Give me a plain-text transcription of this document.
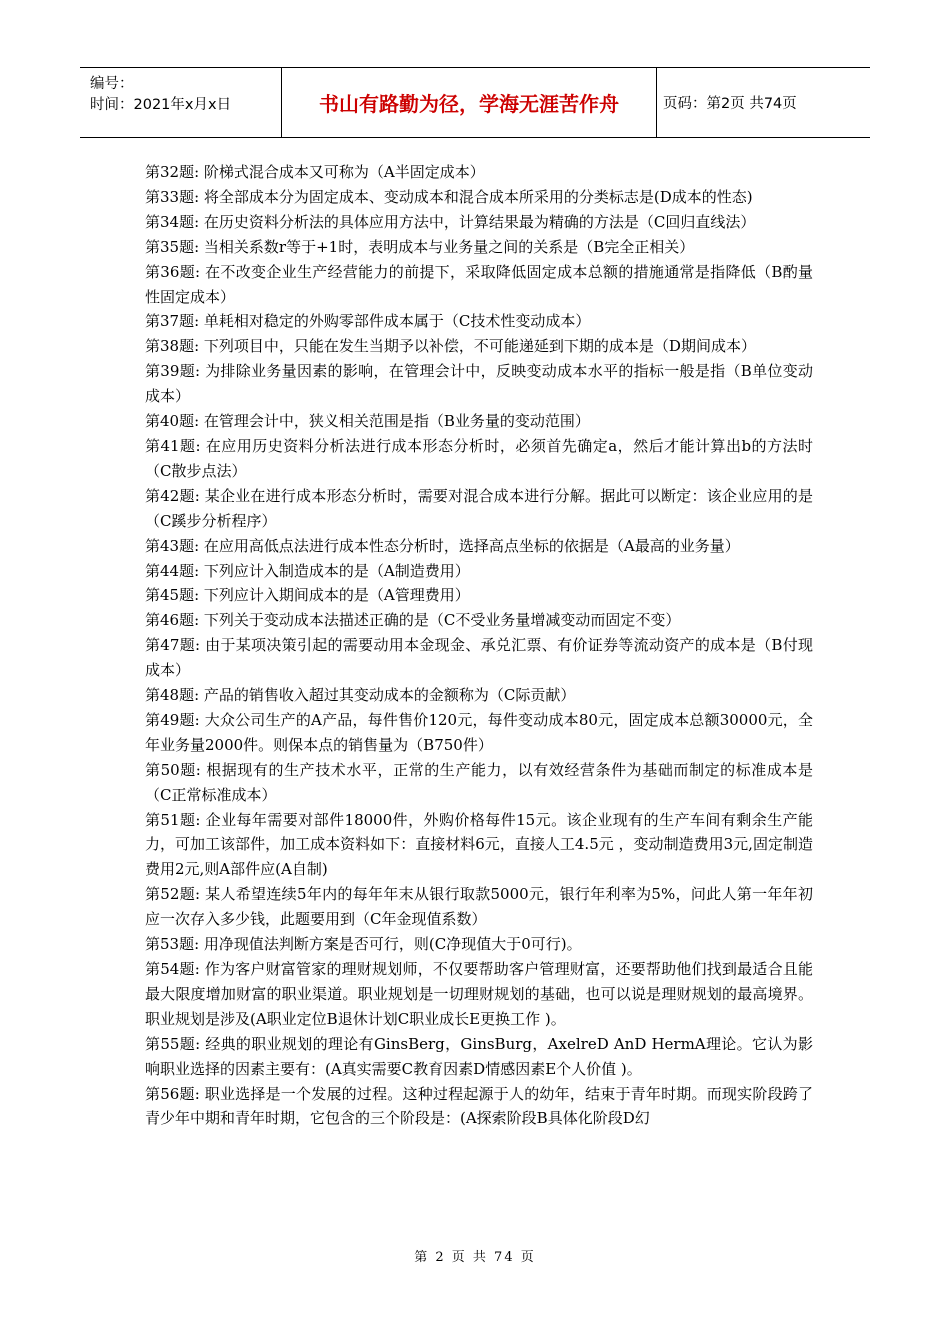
编号：
时间：2021年x月x日	书山有路勤为径，学海无涯苦作舟	页码：第2页 共74页

第32题: 阶梯式混合成本又可称为（A半固定成本）

第33题: 将全部成本分为固定成本、变动成本和混合成本所采用的分类标志是(D成本的性态)

第34题: 在历史资料分析法的具体应用方法中，计算结果最为精确的方法是（C回归直线法）

第35题: 当相关系数r等于+1时，表明成本与业务量之间的关系是（B完全正相关）

第36题: 在不改变企业生产经营能力的前提下，采取降低固定成本总额的措施通常是指降低（B酌量性固定成本）

第37题: 单耗相对稳定的外购零部件成本属于（C技术性变动成本）

第38题: 下列项目中，只能在发生当期予以补偿，不可能递延到下期的成本是（D期间成本）

第39题: 为排除业务量因素的影响，在管理会计中，反映变动成本水平的指标一般是指（B单位变动成本）

第40题: 在管理会计中，狭义相关范围是指（B业务量的变动范围）

第41题: 在应用历史资料分析法进行成本形态分析时，必须首先确定a，然后才能计算出b的方法时（C散步点法）

第42题: 某企业在进行成本形态分析时，需要对混合成本进行分解。据此可以断定：该企业应用的是（C蹊步分析程序）

第43题: 在应用高低点法进行成本性态分析时，选择高点坐标的依据是（A最高的业务量）

第44题: 下列应计入制造成本的是（A制造费用）

第45题: 下列应计入期间成本的是（A管理费用）

第46题: 下列关于变动成本法描述正确的是（C不受业务量增减变动而固定不变）

第47题: 由于某项决策引起的需要动用本金现金、承兑汇票、有价证券等流动资产的成本是（B付现成本）

第48题: 产品的销售收入超过其变动成本的金额称为（C际贡献）

第49题: 大众公司生产的A产品，每件售价120元，每件变动成本80元，固定成本总额30000元，全年业务量2000件。则保本点的销售量为（B750件）

第50题: 根据现有的生产技术水平，正常的生产能力，以有效经营条件为基础而制定的标准成本是（C正常标准成本）

第51题: 企业每年需要对部件18000件，外购价格每件15元。该企业现有的生产车间有剩余生产能力，可加工该部件，加工成本资料如下：直接材料6元，直接人工4.5元 ，变动制造费用3元,固定制造费用2元,则A部件应(A自制)

第52题: 某人希望连续5年内的每年年末从银行取款5000元，银行年利率为5%，问此人第一年年初应一次存入多少钱，此题要用到（C年金现值系数）

第53题: 用净现值法判断方案是否可行，则(C净现值大于0可行)。

第54题: 作为客户财富管家的理财规划师，不仅要帮助客户管理财富，还要帮助他们找到最适合且能最大限度增加财富的职业渠道。职业规划是一切理财规划的基础，也可以说是理财规划的最高境界。职业规划是涉及(A职业定位B退休计划C职业成长E更换工作 )。

第55题: 经典的职业规划的理论有GinsBerg，GinsBurg，AxelreD AnD HermA理论。它认为影响职业选择的因素主要有：(A真实需要C教育因素D情感因素E个人价值 )。

第56题: 职业选择是一个发展的过程。这种过程起源于人的幼年，结束于青年时期。而现实阶段跨了青少年中期和青年时期，它包含的三个阶段是：(A探索阶段B具体化阶段D幻

第 2 页 共 74 页
